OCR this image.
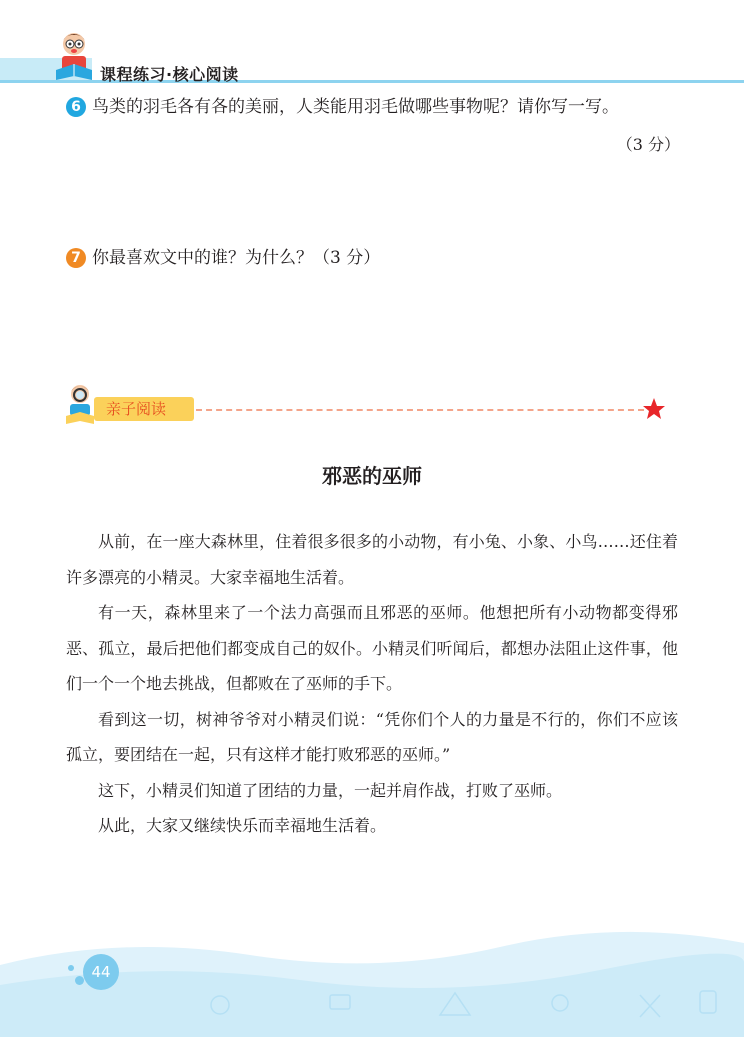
课程练习·核心阅读
6 鸟类的羽毛各有各的美丽，人类能用羽毛做哪些事物呢？请你写一写。
（3 分）
7 你最喜欢文中的谁？为什么？（3 分）
亲子阅读
邪恶的巫师

从前，在一座大森林里，住着很多很多的小动物，有小兔、小象、小鸟……还住着许多漂亮的小精灵。大家幸福地生活着。

有一天，森林里来了一个法力高强而且邪恶的巫师。他想把所有小动物都变得邪恶、孤立，最后把他们都变成自己的奴仆。小精灵们听闻后，都想办法阻止这件事，他们一个一个地去挑战，但都败在了巫师的手下。

看到这一切，树神爷爷对小精灵们说：“凭你们个人的力量是不行的，你们不应该孤立，要团结在一起，只有这样才能打败邪恶的巫师。”

这下，小精灵们知道了团结的力量，一起并肩作战，打败了巫师。

从此，大家又继续快乐而幸福地生活着。

44
